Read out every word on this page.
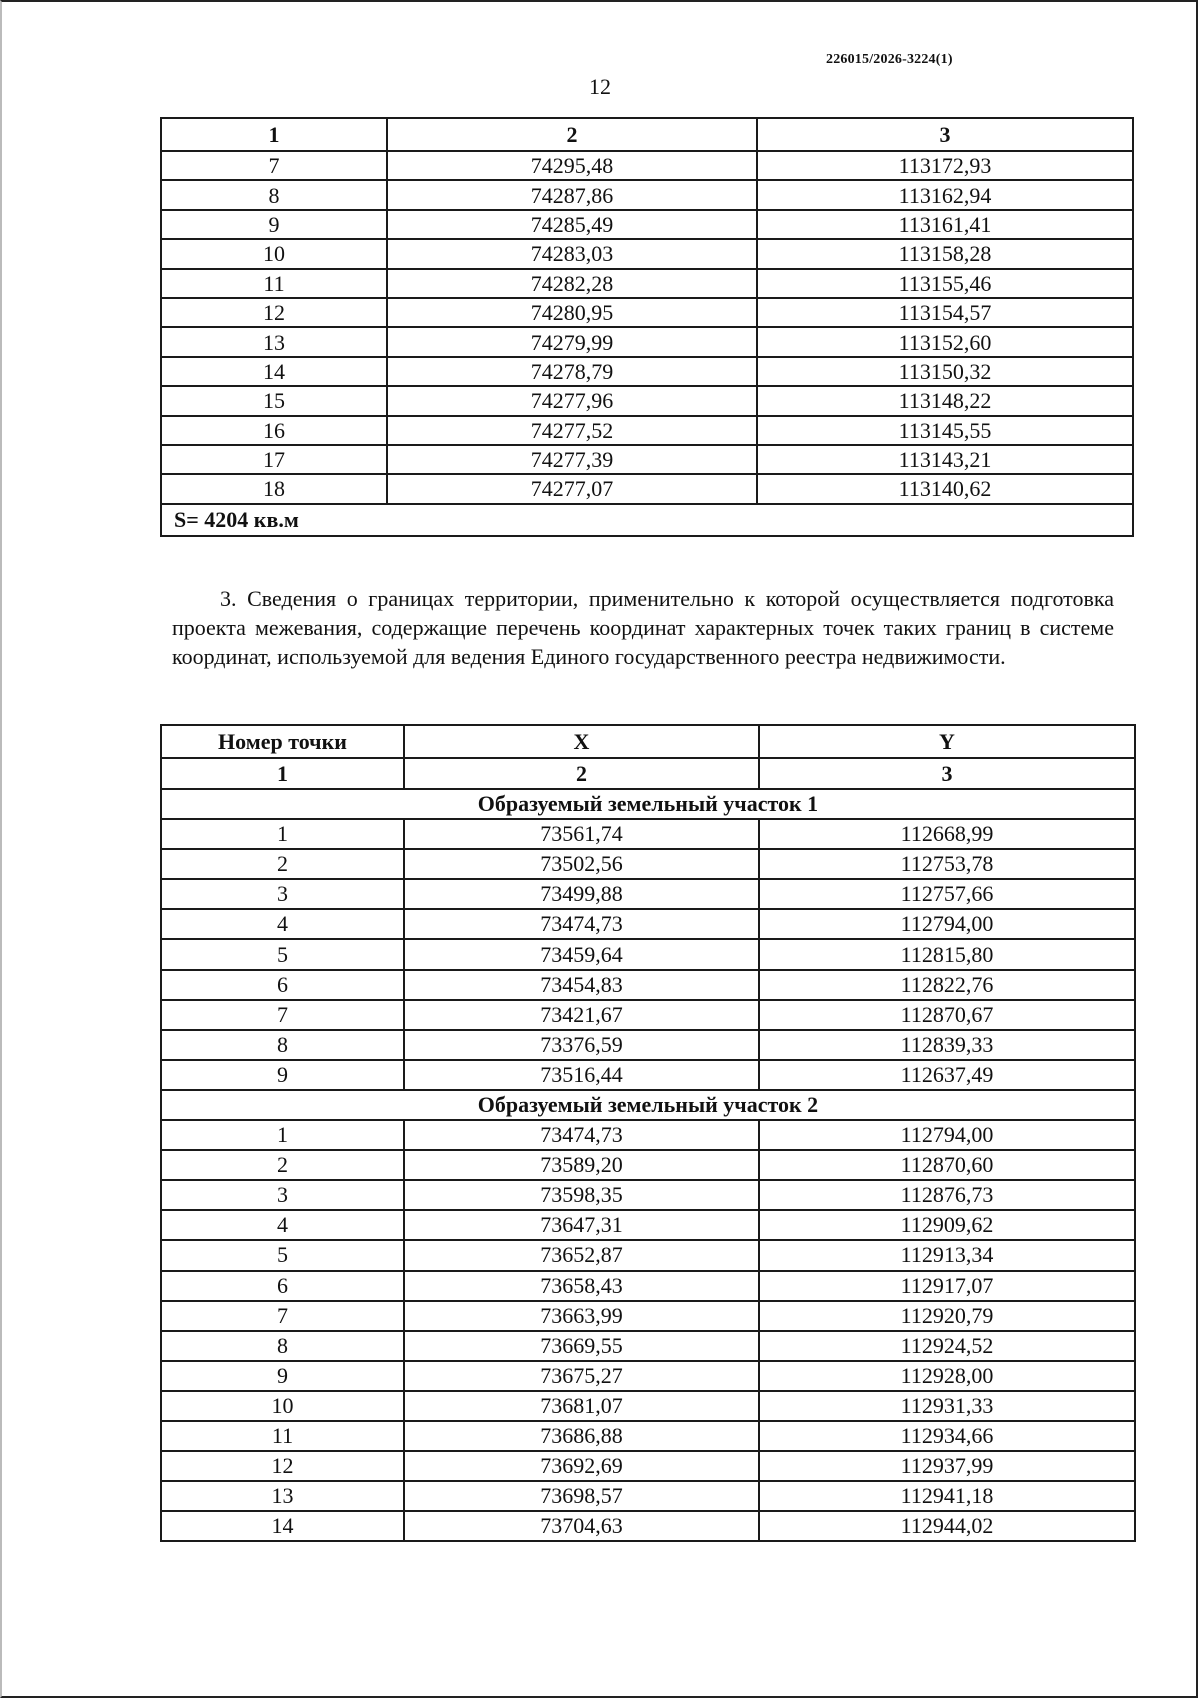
226015/2026-3224(1)
12
1	2	3
7	74295,48	113172,93
8	74287,86	113162,94
9	74285,49	113161,41
10	74283,03	113158,28
11	74282,28	113155,46
12	74280,95	113154,57
13	74279,99	113152,60
14	74278,79	113150,32
15	74277,96	113148,22
16	74277,52	113145,55
17	74277,39	113143,21
18	74277,07	113140,62
S= 4204 кв.м		

3. Сведения о границах территории, применительно к которой осуществляется подготовка проекта межевания, содержащие перечень координат характерных точек таких границ в системе координат, используемой для ведения Единого государственного реестра недвижимости.

Номер точки	X	Y
1	2	3
Образуемый земельный участок 1		
1	73561,74	112668,99
2	73502,56	112753,78
3	73499,88	112757,66
4	73474,73	112794,00
5	73459,64	112815,80
6	73454,83	112822,76
7	73421,67	112870,67
8	73376,59	112839,33
9	73516,44	112637,49
Образуемый земельный участок 2		
1	73474,73	112794,00
2	73589,20	112870,60
3	73598,35	112876,73
4	73647,31	112909,62
5	73652,87	112913,34
6	73658,43	112917,07
7	73663,99	112920,79
8	73669,55	112924,52
9	73675,27	112928,00
10	73681,07	112931,33
11	73686,88	112934,66
12	73692,69	112937,99
13	73698,57	112941,18
14	73704,63	112944,02
